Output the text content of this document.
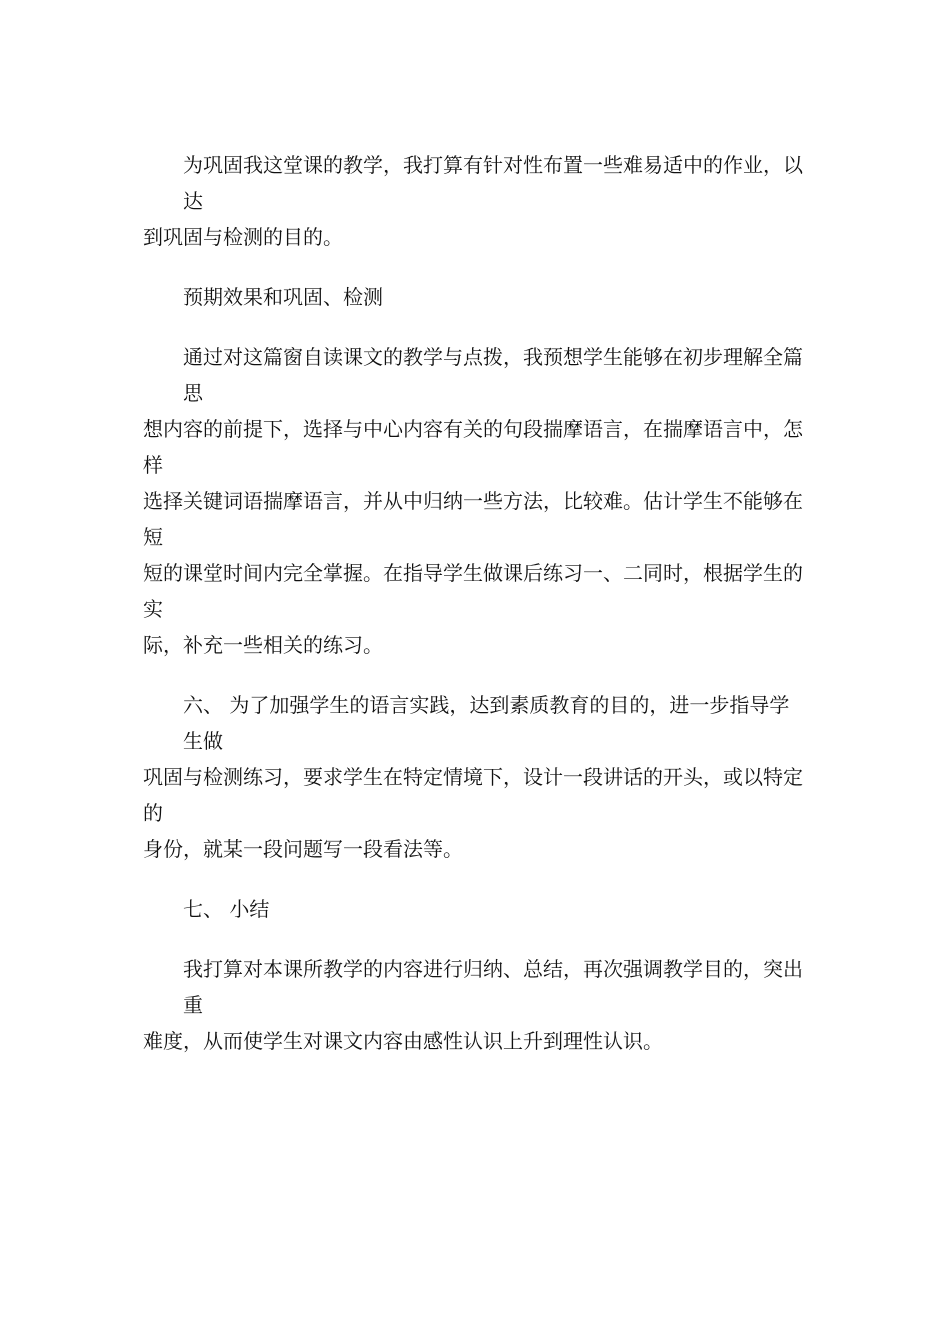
为巩固我这堂课的教学，我打算有针对性布置一些难易适中的作业，以达
到巩固与检测的目的。
预期效果和巩固、检测
通过对这篇窗自读课文的教学与点拨，我预想学生能够在初步理解全篇思
想内容的前提下，选择与中心内容有关的句段揣摩语言，在揣摩语言中，怎样
选择关键词语揣摩语言，并从中归纳一些方法，比较难。估计学生不能够在短
短的课堂时间内完全掌握。在指导学生做课后练习一、二同时，根据学生的实
际，补充一些相关的练习。
六、 为了加强学生的语言实践，达到素质教育的目的，进一步指导学生做
巩固与检测练习，要求学生在特定情境下，设计一段讲话的开头，或以特定的
身份，就某一段问题写一段看法等。
七、 小结
我打算对本课所教学的内容进行归纳、总结，再次强调教学目的，突出重
难度，从而使学生对课文内容由感性认识上升到理性认识。
